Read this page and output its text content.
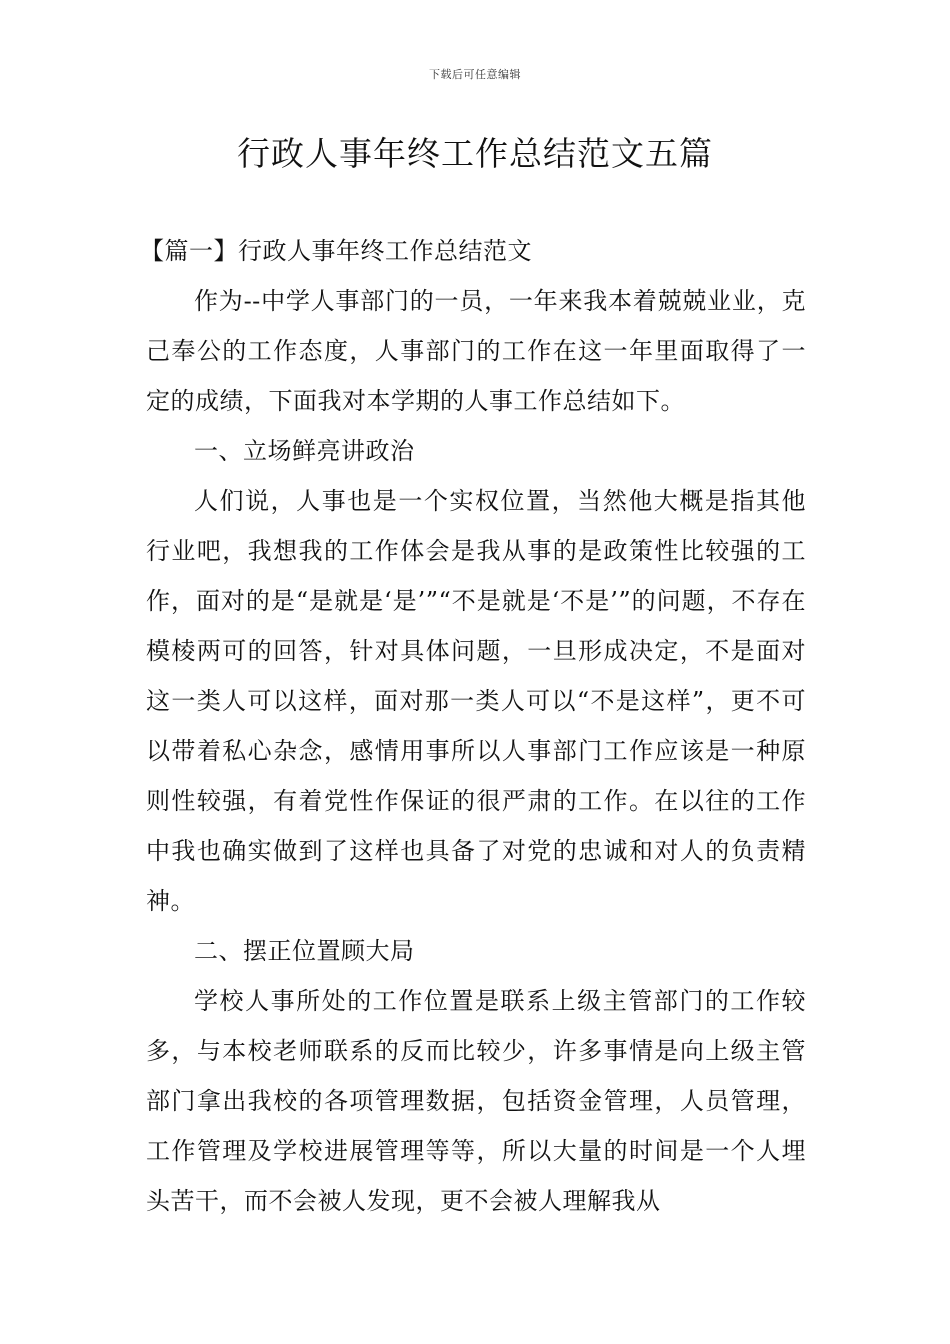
下载后可任意编辑
行政人事年终工作总结范文五篇

【篇一】行政人事年终工作总结范文

作为--中学人事部门的一员，一年来我本着兢兢业业，克己奉公的工作态度，人事部门的工作在这一年里面取得了一定的成绩，下面我对本学期的人事工作总结如下。

一、立场鲜亮讲政治

人们说，人事也是一个实权位置，当然他大概是指其他行业吧，我想我的工作体会是我从事的是政策性比较强的工作，面对的是“是就是‘是’”“不是就是‘不是’”的问题，不存在模棱两可的回答，针对具体问题，一旦形成决定，不是面对这一类人可以这样，面对那一类人可以“不是这样”，更不可以带着私心杂念，感情用事所以人事部门工作应该是一种原则性较强，有着党性作保证的很严肃的工作。在以往的工作中我也确实做到了这样也具备了对党的忠诚和对人的负责精神。

二、摆正位置顾大局

学校人事所处的工作位置是联系上级主管部门的工作较多，与本校老师联系的反而比较少，许多事情是向上级主管部门拿出我校的各项管理数据，包括资金管理，人员管理，工作管理及学校进展管理等等，所以大量的时间是一个人埋头苦干，而不会被人发现，更不会被人理解我从
